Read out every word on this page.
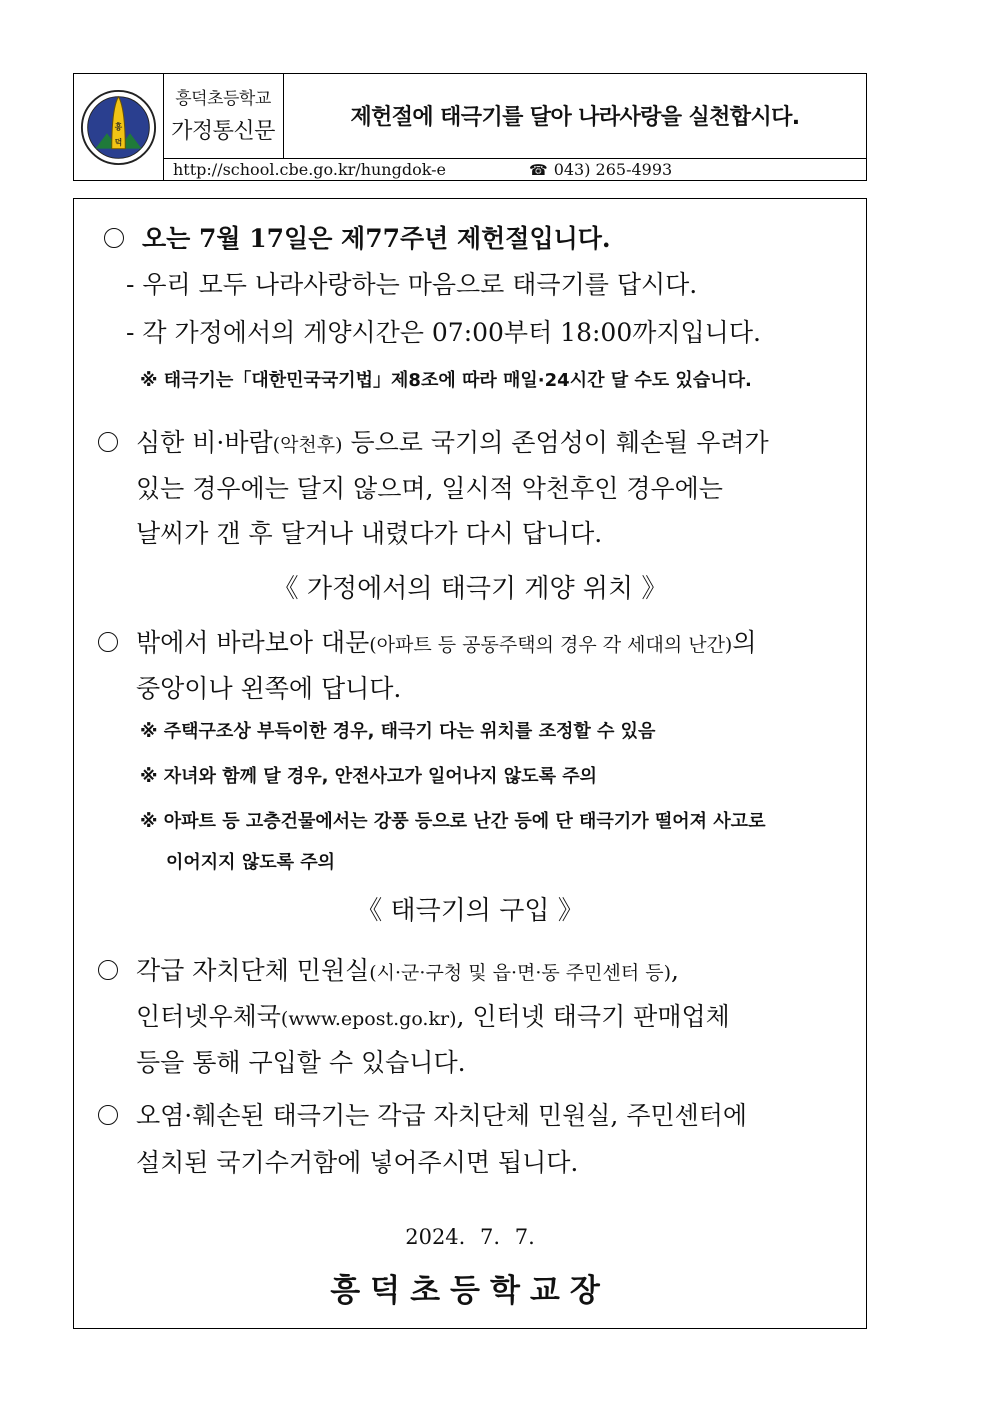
흥
덕
흥덕초등학교
가정통신문
제헌절에 태극기를 달아 나라사랑을 실천합시다.
http://school.cbe.go.kr/hungdok-e	☎ 043) 265-4993
오는 7월 17일은 제77주년 제헌절입니다.
- 우리 모두 나라사랑하는 마음으로 태극기를 답시다.
- 각 가정에서의 게양시간은 07:00부터 18:00까지입니다.
※ 태극기는「대한민국국기법」제8조에 따라 매일·24시간 달 수도 있습니다.
심한 비·바람(악천후) 등으로 국기의 존엄성이 훼손될 우려가
있는 경우에는 달지 않으며, 일시적 악천후인 경우에는
날씨가 갠 후 달거나 내렸다가 다시 답니다.
《 가정에서의 태극기 게양 위치 》
밖에서 바라보아 대문(아파트 등 공동주택의 경우 각 세대의 난간)의
중앙이나 왼쪽에 답니다.
※ 주택구조상 부득이한 경우, 태극기 다는 위치를 조정할 수 있음
※ 자녀와 함께 달 경우, 안전사고가 일어나지 않도록 주의
※ 아파트 등 고층건물에서는 강풍 등으로 난간 등에 단 태극기가 떨어져 사고로
이어지지 않도록 주의
《 태극기의 구입 》
각급 자치단체 민원실(시·군·구청 및 읍·면·동 주민센터 등),
인터넷우체국(www.epost.go.kr), 인터넷 태극기 판매업체
등을 통해 구입할 수 있습니다.
오염·훼손된 태극기는 각급 자치단체 민원실, 주민센터에
설치된 국기수거함에 넣어주시면 됩니다.
2024. 7. 7.
흥덕초등학교장
